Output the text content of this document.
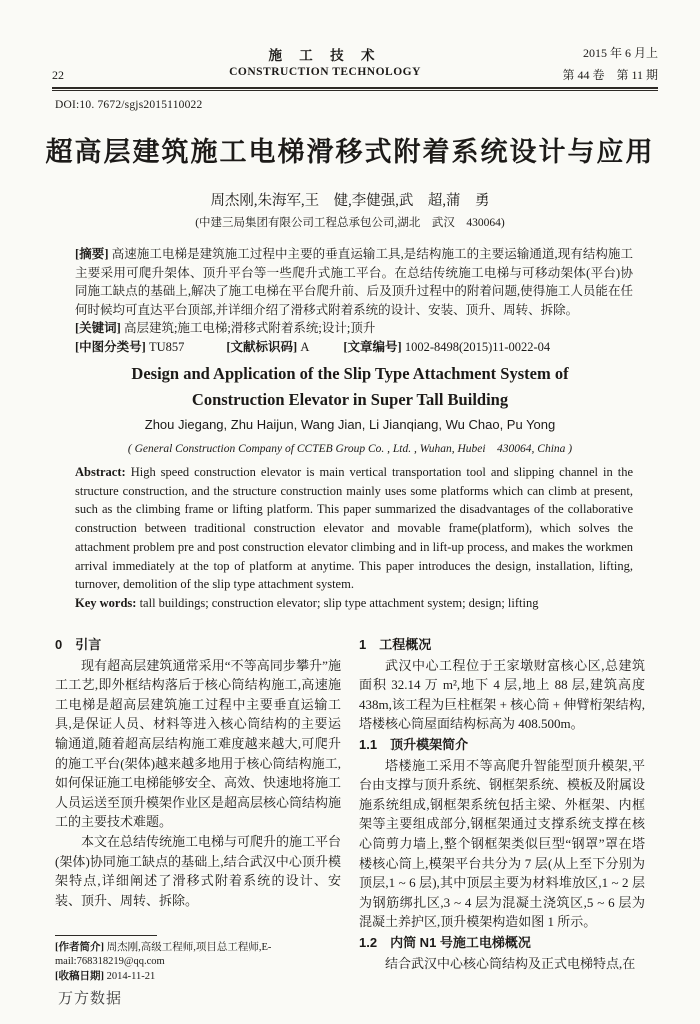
施 工 技 术	2015 年 6 月上
22	CONSTRUCTION TECHNOLOGY	第 44 卷　第 11 期
DOI:10. 7672/sgjs2015110022
超高层建筑施工电梯滑移式附着系统设计与应用
周杰刚,朱海军,王　健,李健强,武　超,蒲　勇
(中建三局集团有限公司工程总承包公司,湖北　武汉　430064)

[摘要] 高速施工电梯是建筑施工过程中主要的垂直运输工具,是结构施工的主要运输通道,现有结构施工主要采用可爬升架体、顶升平台等一些爬升式施工平台。在总结传统施工电梯与可移动架体(平台)协同施工缺点的基础上,解决了施工电梯在平台爬升前、后及顶升过程中的附着问题,使得施工人员能在任何时候均可直达平台顶部,并详细介绍了滑移式附着系统的设计、安装、顶升、周转、拆除。

[关键词] 高层建筑;施工电梯;滑移式附着系统;设计;顶升

[中图分类号] TU857	[文献标识码] A	[文章编号] 1002-8498(2015)11-0022-04

Design and Application of the Slip Type Attachment System of
Construction Elevator in Super Tall Building
Zhou Jiegang, Zhu Haijun, Wang Jian, Li Jianqiang, Wu Chao, Pu Yong
( General Construction Company of CCTEB Group Co. , Ltd. , Wuhan, Hubei　430064, China )

Abstract: High speed construction elevator is main vertical transportation tool and slipping channel in the structure construction, and the structure construction mainly uses some platforms which can climb at present, such as the climbing frame or lifting platform. This paper summarized the disadvantages of the collaborative construction between traditional construction elevator and movable frame(platform), which solves the attachment problem pre and post construction elevator climbing and in lift-up process, and makes the workmen arrival immediately at the top of platform at anytime. This paper introduces the design, installation, lifting, turnover, demolition of the slip type attachment system.

Key words: tall buildings; construction elevator; slip type attachment system; design; lifting

0　引言

现有超高层建筑通常采用“不等高同步攀升”施工工艺,即外框结构落后于核心筒结构施工,高速施工电梯是超高层建筑施工过程中主要垂直运输工具,是保证人员、材料等进入核心筒结构的主要运输通道,随着超高层结构施工难度越来越大,可爬升的施工平台(架体)越来越多地用于核心筒结构施工,如何保证施工电梯能够安全、高效、快速地将施工人员运送至顶升模架作业区是超高层核心筒结构施工的主要技术难题。

本文在总结传统施工电梯与可爬升的施工平台(架体)协同施工缺点的基础上,结合武汉中心顶升模架特点,详细阐述了滑移式附着系统的设计、安装、顶升、周转、拆除。

[作者简介] 周杰刚,高级工程师,项目总工程师,E-mail:768318219@qq.com
[收稿日期] 2014-11-21
1　工程概况

武汉中心工程位于王家墩财富核心区,总建筑面积 32.14 万 m²,地下 4 层,地上 88 层,建筑高度 438m,该工程为巨柱框架 + 核心筒 + 伸臂桁架结构,塔楼核心筒屋面结构标高为 408.500m。

1.1　顶升模架简介

塔楼施工采用不等高爬升智能型顶升模架,平台由支撑与顶升系统、钢框架系统、模板及附属设施系统组成,钢框架系统包括主梁、外框架、内框架等主要组成部分,钢框架通过支撑系统支撑在核心筒剪力墙上,整个钢框架类似巨型“钢罩”罩在塔楼核心筒上,模架平台共分为 7 层(从上至下分别为顶层,1 ~ 6 层),其中顶层主要为材料堆放区,1 ~ 2 层为钢筋绑扎区,3 ~ 4 层为混凝土浇筑区,5 ~ 6 层为混凝土养护区,顶升模架构造如图 1 所示。

1.2　内筒 N1 号施工电梯概况

结合武汉中心核心筒结构及正式电梯特点,在

万方数据
